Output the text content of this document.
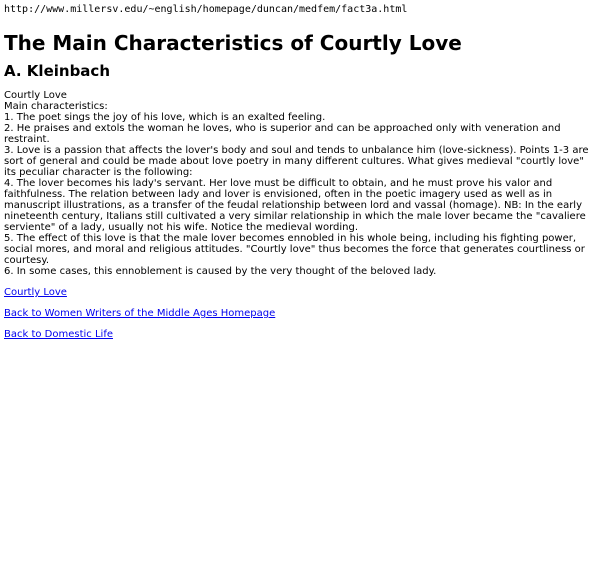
http://www.millersv.edu/~english/homepage/duncan/medfem/fact3a.html
The Main Characteristics of Courtly Love
A. Kleinbach
Courtly Love
Main characteristics:
1. The poet sings the joy of his love, which is an exalted feeling.
2. He praises and extols the woman he loves, who is superior and can be approached only with veneration and restraint.
3. Love is a passion that affects the lover's body and soul and tends to unbalance him (love-sickness). Points 1-3 are sort of general and could be made about love poetry in many different cultures. What gives medieval "courtly love" its peculiar character is the following:
4. The lover becomes his lady's servant. Her love must be difficult to obtain, and he must prove his valor and faithfulness. The relation between lady and lover is envisioned, often in the poetic imagery used as well as in manuscript illustrations, as a transfer of the feudal relationship between lord and vassal (homage). NB: In the early nineteenth century, Italians still cultivated a very similar relationship in which the male lover became the "cavaliere serviente" of a lady, usually not his wife. Notice the medieval wording.
5. The effect of this love is that the male lover becomes ennobled in his whole being, including his fighting power, social mores, and moral and religious attitudes. "Courtly love" thus becomes the force that generates courtliness or courtesy.
6. In some cases, this ennoblement is caused by the very thought of the beloved lady.
Courtly Love
Back to Women Writers of the Middle Ages Homepage
Back to Domestic Life
